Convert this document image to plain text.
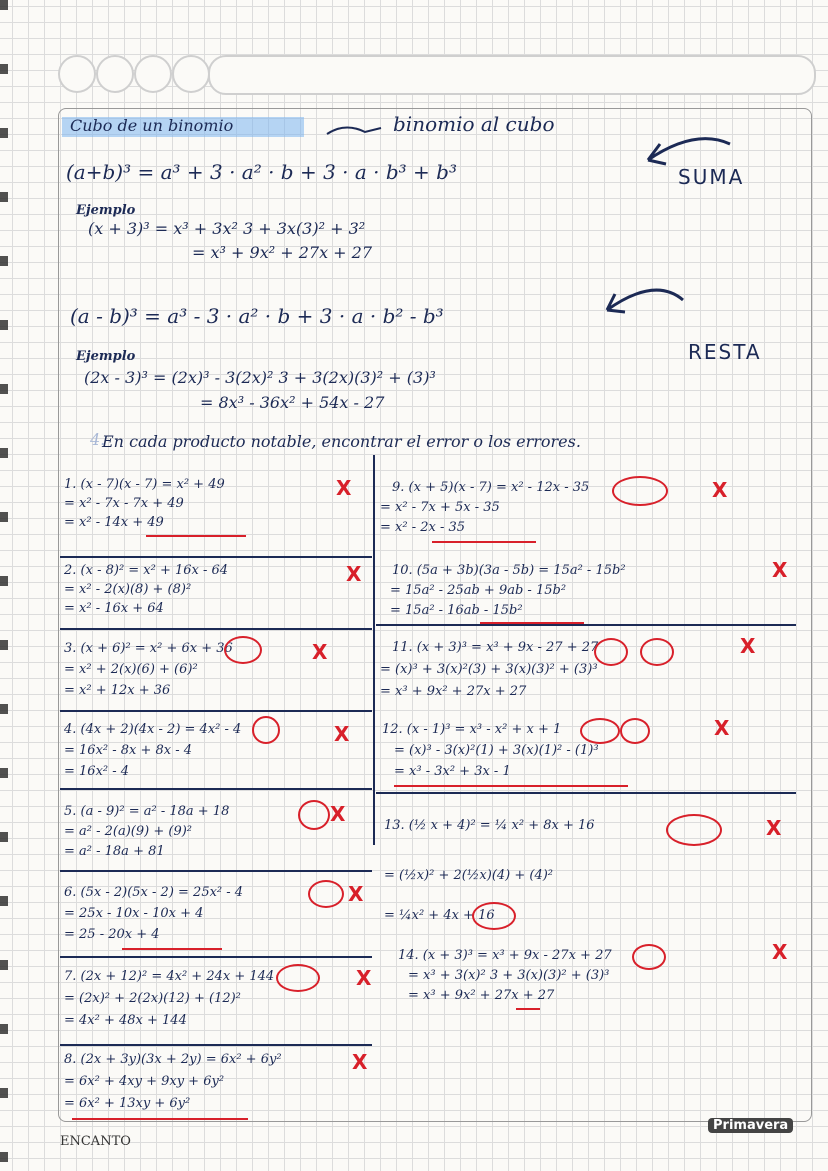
Cubo de un binomio	binomio al cubo
(a+b)³ = a³ + 3 · a² · b + 3 · a · b³ + b³	SUMA
Ejemplo
(x + 3)³ = x³ + 3x² 3 + 3x(3)² + 3²
= x³ + 9x² + 27x + 27
(a - b)³ = a³ - 3 · a² · b + 3 · a · b² - b³
RESTA
Ejemplo
(2x - 3)³ = (2x)³ - 3(2x)² 3 + 3(2x)(3)² + (3)³
= 8x³ - 36x² + 54x - 27
4.
En cada producto notable, encontrar el error o los errores.
1. (x - 7)(x - 7) = x² + 49
= x² - 7x - 7x + 49
= x² - 14x + 49
X
2. (x - 8)² = x² + 16x - 64
= x² - 2(x)(8) + (8)²
= x² - 16x + 64
X
3. (x + 6)² = x² + 6x + 36
= x² + 2(x)(6) + (6)²
= x² + 12x + 36
X
4. (4x + 2)(4x - 2) = 4x² - 4
= 16x² - 8x + 8x - 4
= 16x² - 4
X
5. (a - 9)² = a² - 18a + 18
= a² - 2(a)(9) + (9)²
= a² - 18a + 81
X
6. (5x - 2)(5x - 2) = 25x² - 4
= 25x - 10x - 10x + 4
= 25 - 20x + 4
X
7. (2x + 12)² = 4x² + 24x + 144
= (2x)² + 2(2x)(12) + (12)²
= 4x² + 48x + 144
X
8. (2x + 3y)(3x + 2y) = 6x² + 6y²
= 6x² + 4xy + 9xy + 6y²
= 6x² + 13xy + 6y²
X
9. (x + 5)(x - 7) = x² - 12x - 35
= x² - 7x + 5x - 35
= x² - 2x - 35
X
10. (5a + 3b)(3a - 5b) = 15a² - 15b²
= 15a² - 25ab + 9ab - 15b²
= 15a² - 16ab - 15b²
X
11. (x + 3)³ = x³ + 9x - 27 + 27
= (x)³ + 3(x)²(3) + 3(x)(3)² + (3)³
= x³ + 9x² + 27x + 27
X
12. (x - 1)³ = x³ - x² + x + 1
= (x)³ - 3(x)²(1) + 3(x)(1)² - (1)³
= x³ - 3x² + 3x - 1
X
13. (½ x + 4)² = ¼ x² + 8x + 16
= (½x)² + 2(½x)(4) + (4)²
= ¼x² + 4x + 16
X
14. (x + 3)³ = x³ + 9x - 27x + 27
= x³ + 3(x)² 3 + 3(x)(3)² + (3)³
= x³ + 9x² + 27x + 27
X
ENCANTO
Primavera
